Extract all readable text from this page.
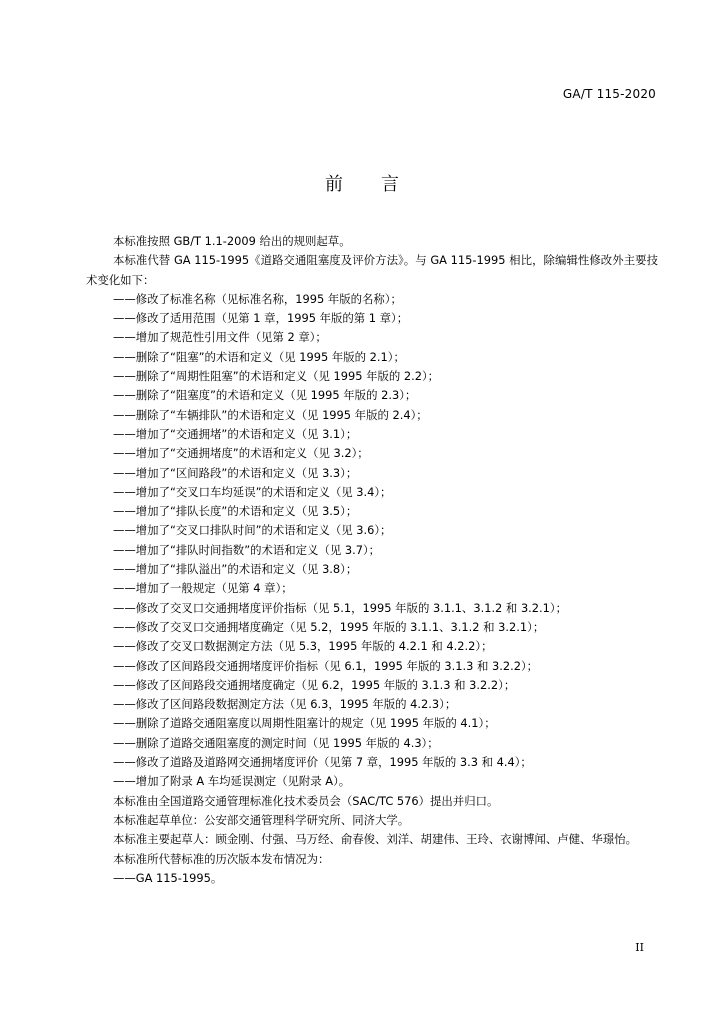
GA/T 115-2020
前言

本标准按照 GB/T 1.1-2009 给出的规则起草。

本标准代替 GA 115-1995《道路交通阻塞度及评价方法》。与 GA 115-1995 相比，除编辑性修改外主要技术变化如下：

——修改了标准名称（见标准名称，1995 年版的名称）；

——修改了适用范围（见第 1 章，1995 年版的第 1 章）；

——增加了规范性引用文件（见第 2 章）；

——删除了“阻塞”的术语和定义（见 1995 年版的 2.1）；

——删除了“周期性阻塞”的术语和定义（见 1995 年版的 2.2）；

——删除了“阻塞度”的术语和定义（见 1995 年版的 2.3）；

——删除了“车辆排队”的术语和定义（见 1995 年版的 2.4）；

——增加了“交通拥堵”的术语和定义（见 3.1）；

——增加了“交通拥堵度”的术语和定义（见 3.2）；

——增加了“区间路段”的术语和定义（见 3.3）；

——增加了“交叉口车均延误”的术语和定义（见 3.4）；

——增加了“排队长度”的术语和定义（见 3.5）；

——增加了“交叉口排队时间”的术语和定义（见 3.6）；

——增加了“排队时间指数”的术语和定义（见 3.7）；

——增加了“排队溢出”的术语和定义（见 3.8）；

——增加了一般规定（见第 4 章）；

——修改了交叉口交通拥堵度评价指标（见 5.1，1995 年版的 3.1.1、3.1.2 和 3.2.1）；

——修改了交叉口交通拥堵度确定（见 5.2，1995 年版的 3.1.1、3.1.2 和 3.2.1）；

——修改了交叉口数据测定方法（见 5.3，1995 年版的 4.2.1 和 4.2.2）；

——修改了区间路段交通拥堵度评价指标（见 6.1，1995 年版的 3.1.3 和 3.2.2）；

——修改了区间路段交通拥堵度确定（见 6.2，1995 年版的 3.1.3 和 3.2.2）；

——修改了区间路段数据测定方法（见 6.3，1995 年版的 4.2.3）；

——删除了道路交通阻塞度以周期性阻塞计的规定（见 1995 年版的 4.1）；

——删除了道路交通阻塞度的测定时间（见 1995 年版的 4.3）；

——修改了道路及道路网交通拥堵度评价（见第 7 章，1995 年版的 3.3 和 4.4）；

——增加了附录 A 车均延误测定（见附录 A）。

本标准由全国道路交通管理标准化技术委员会（SAC/TC 576）提出并归口。

本标准起草单位：公安部交通管理科学研究所、同济大学。

本标准主要起草人：顾金刚、付强、马万经、俞春俊、刘洋、胡建伟、王玲、衣谢博闻、卢健、华璟怡。

本标准所代替标准的历次版本发布情况为：

——GA 115-1995。

II
